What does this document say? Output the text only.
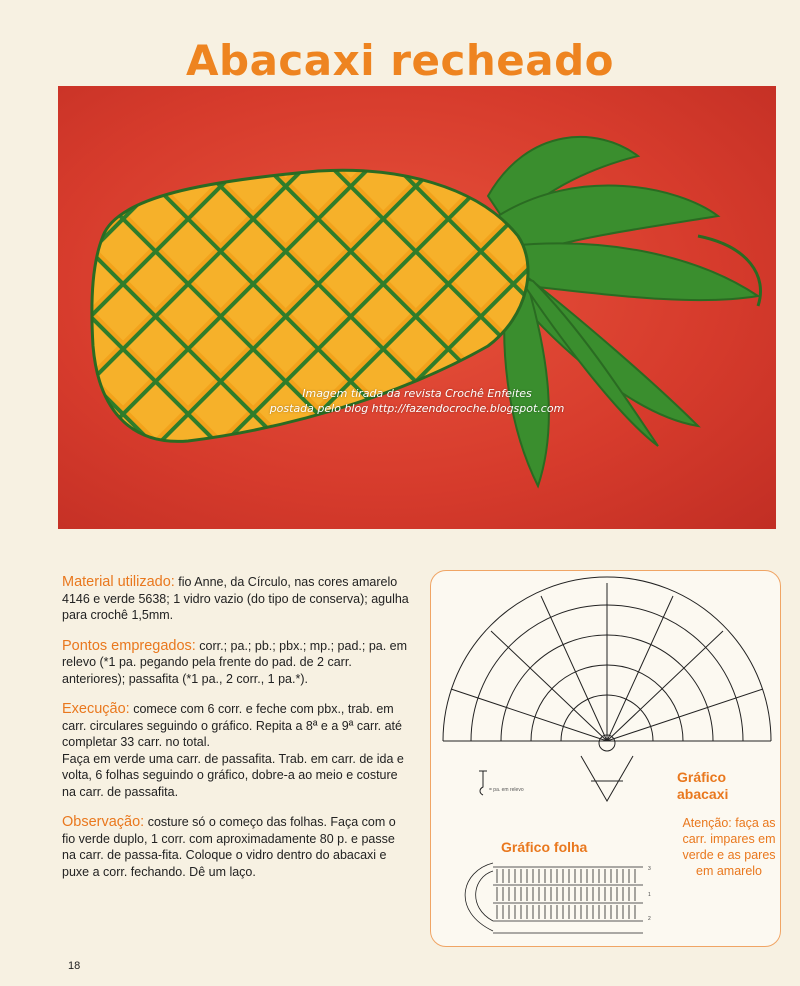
Abacaxi recheado
Imagem tirada da revista Crochê Enfeites
postada pelo blog http://fazendocroche.blogspot.com

Material utilizado: fio Anne, da Círculo, nas cores amarelo 4146 e verde 5638; 1 vidro vazio (do tipo de conserva); agulha para crochê 1,5mm.

Pontos empregados: corr.; pa.; pb.; pbx.; mp.; pad.; pa. em relevo (*1 pa. pegando pela frente do pad. de 2 carr. anteriores); passafita (*1 pa., 2 corr., 1 pa.*).

Execução: comece com 6 corr. e feche com pbx., trab. em carr. circulares seguindo o gráfico. Repita a 8ª e a 9ª carr. até completar 33 carr. no total.
Faça em verde uma carr. de passafita. Trab. em carr. de ida e volta, 6 folhas seguindo o gráfico, dobre-a ao meio e costure na carr. de passafita.

Observação: costure só o começo das folhas. Faça com o fio verde duplo, 1 corr. com aproximadamente 80 p. e passe na carr. de passa-fita. Coloque o vidro dentro do abacaxi e puxe a corr. fechando. Dê um laço.	3
1
2
= pa. em relevo
Gráfico abacaxi
Atenção: faça as carr. impares em verde e as pares em amarelo
Gráfico folha
18
